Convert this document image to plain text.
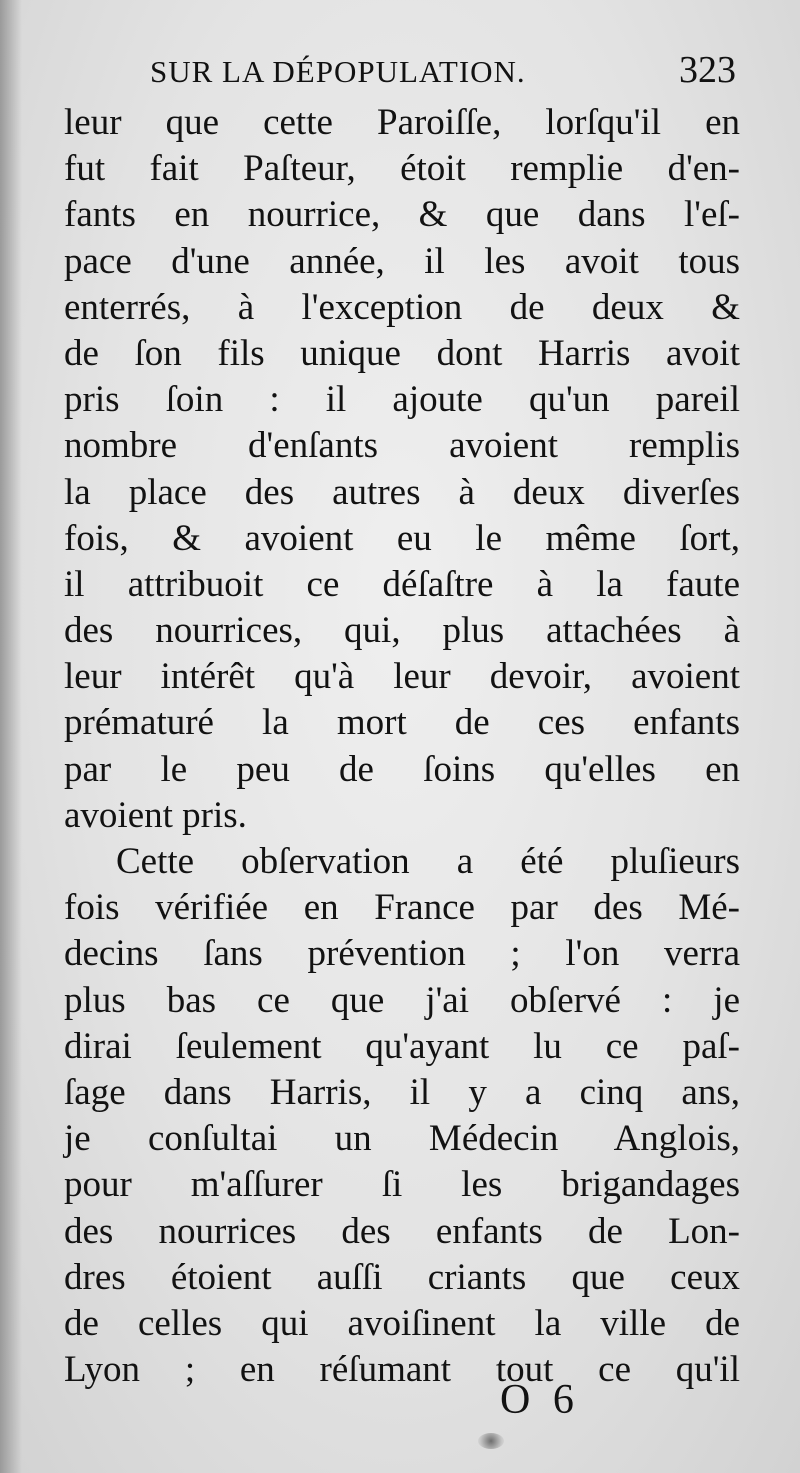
SUR LA DÉPOPULATION.	323
leur que cette Paroiſſe, lorſqu'il en
fut fait Paſteur, étoit remplie d'en-
fants en nourrice, & que dans l'eſ-
pace d'une année, il les avoit tous
enterrés, à l'exception de deux &
de ſon fils unique dont Harris avoit
pris ſoin : il ajoute qu'un pareil
nombre d'enſants avoient remplis
la place des autres à deux diverſes
fois, & avoient eu le même ſort,
il attribuoit ce déſaſtre à la faute
des nourrices, qui, plus attachées à
leur intérêt qu'à leur devoir, avoient
prématuré la mort de ces enfants
par le peu de ſoins qu'elles en
avoient pris.
Cette obſervation a été pluſieurs
fois vérifiée en France par des Mé-
decins ſans prévention ; l'on verra
plus bas ce que j'ai obſervé : je
dirai ſeulement qu'ayant lu ce paſ-
ſage dans Harris, il y a cinq ans,
je conſultai un Médecin Anglois,
pour m'aſſurer ſi les brigandages
des nourrices des enfants de Lon-
dres étoient auſſi criants que ceux
de celles qui avoiſinent la ville de
Lyon ; en réſumant tout ce qu'il
O 6
